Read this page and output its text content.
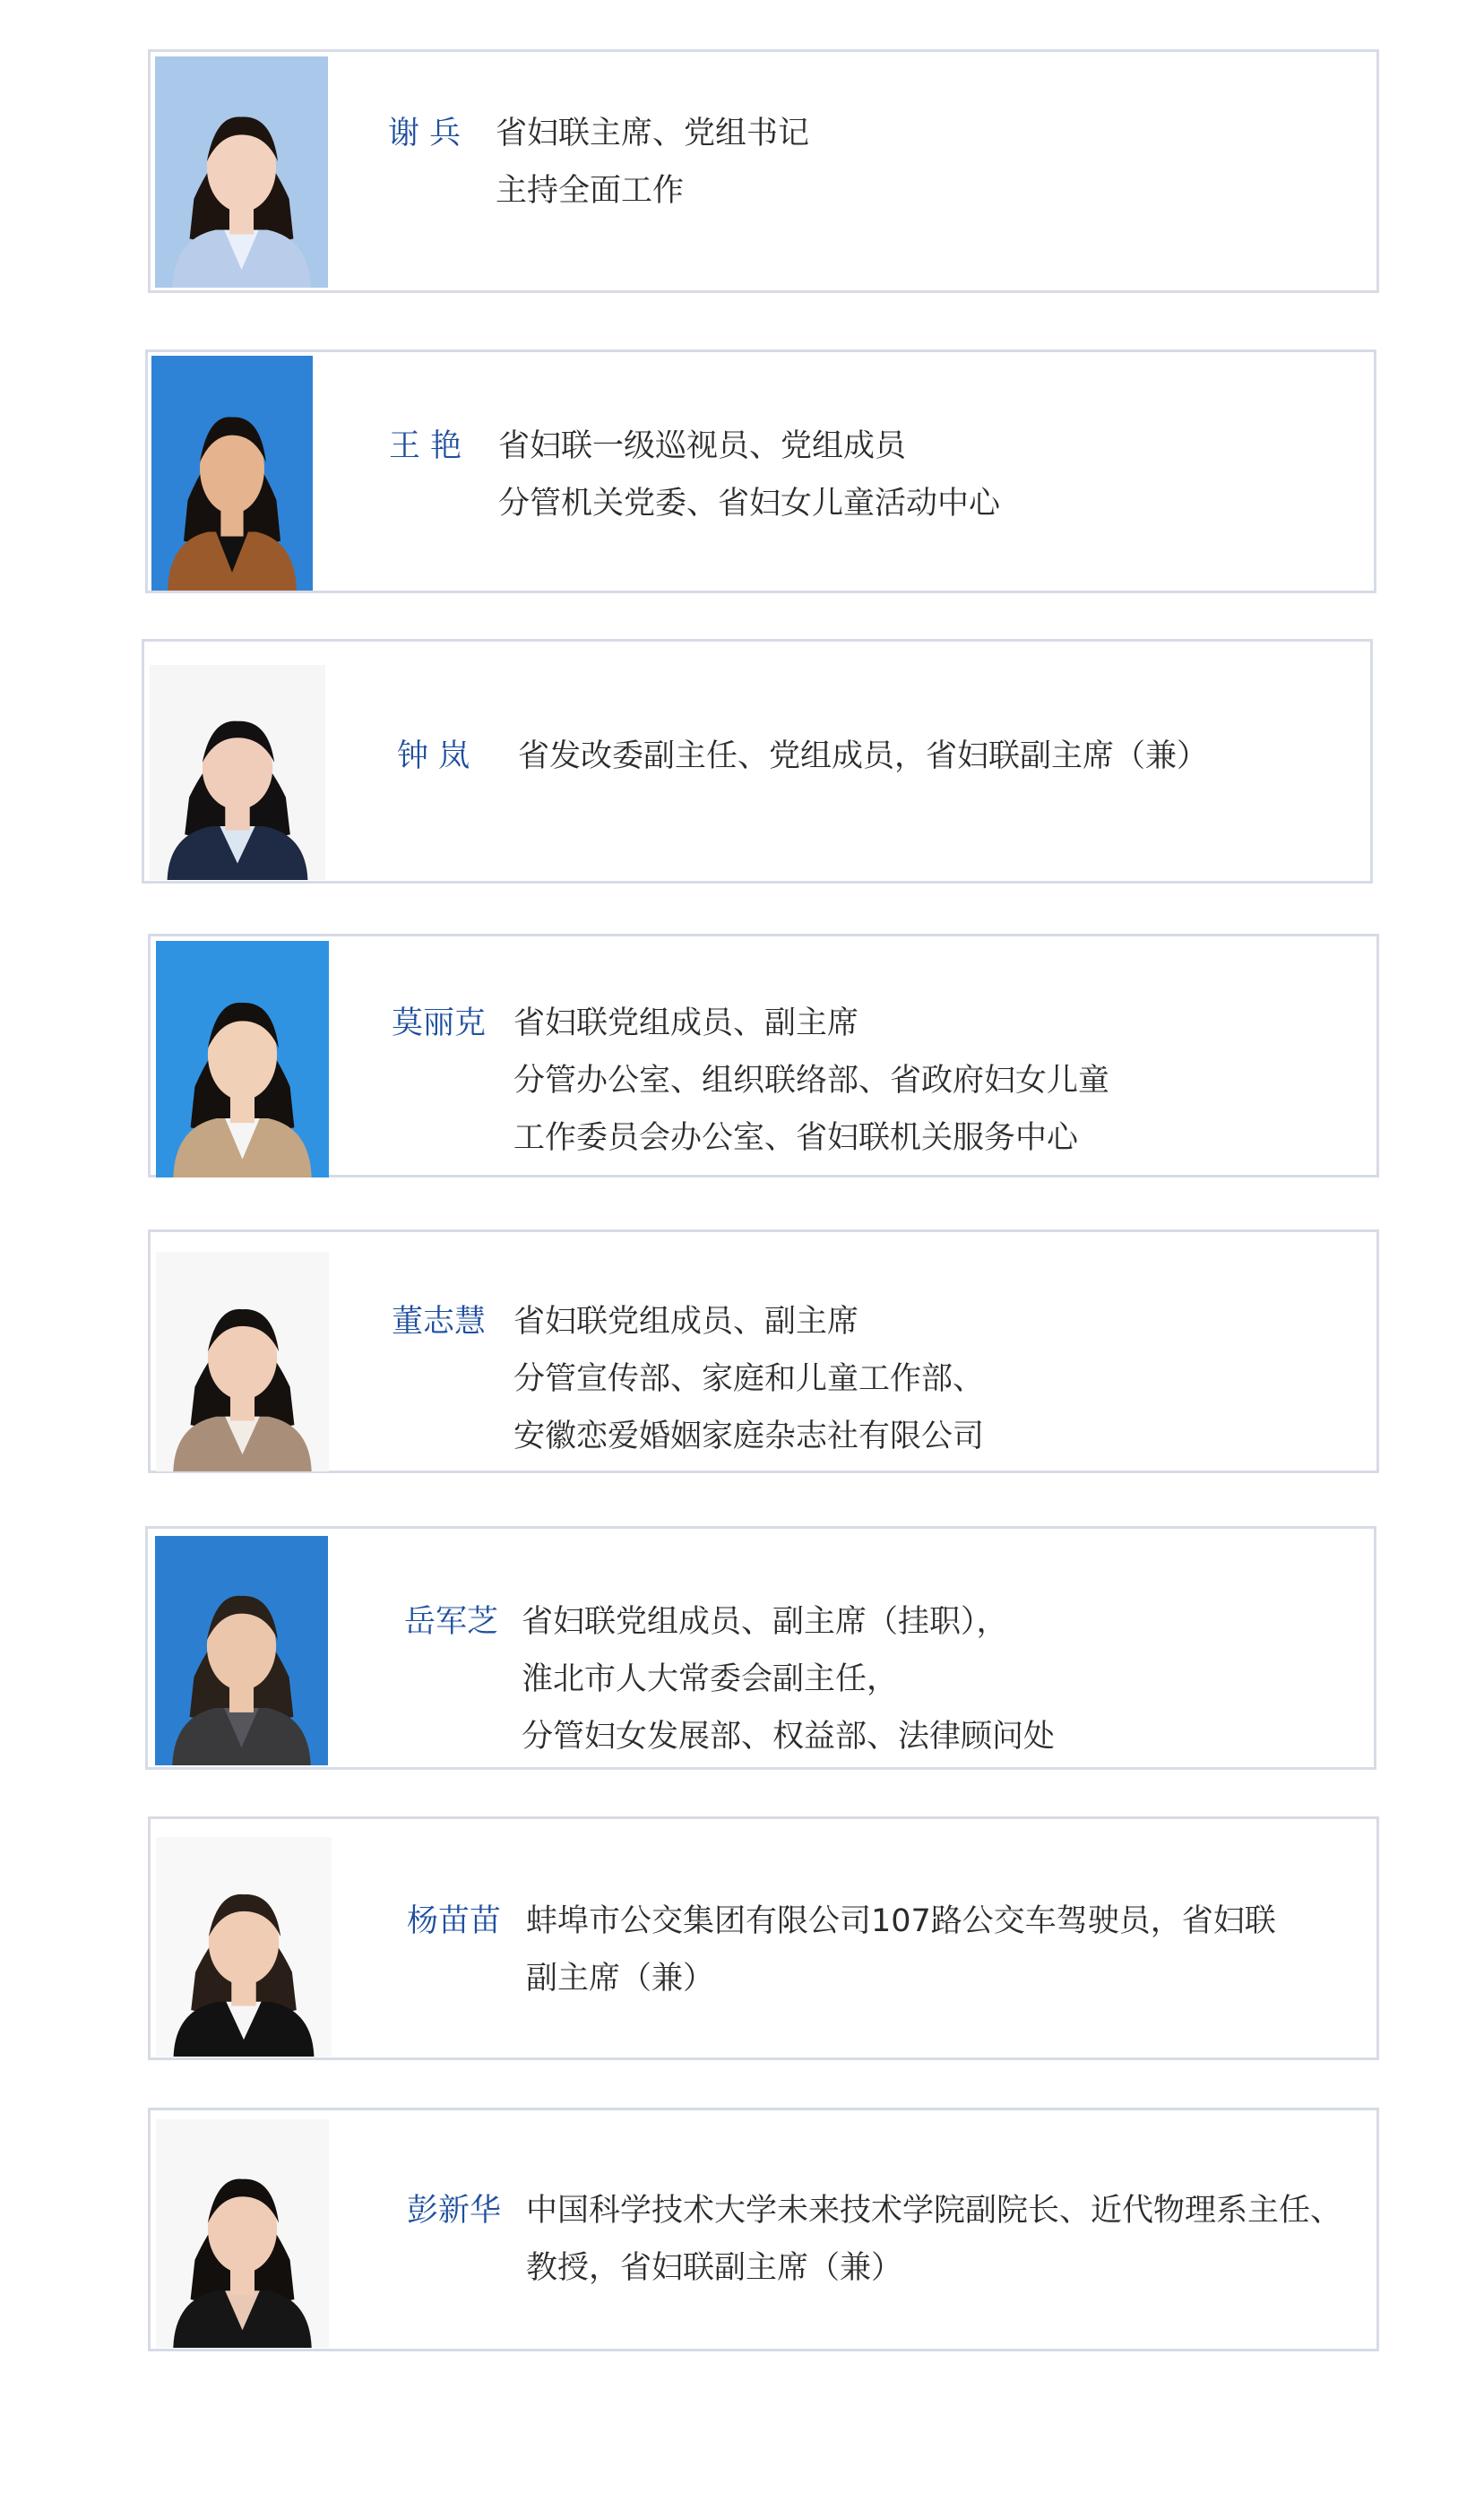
谢 兵 省妇联主席、党组书记
主持全面工作
王 艳 省妇联一级巡视员、党组成员
分管机关党委、省妇女儿童活动中心
钟 岚 省发改委副主任、党组成员，省妇联副主席（兼）
莫丽克 省妇联党组成员、副主席
分管办公室、组织联络部、省政府妇女儿童
工作委员会办公室、省妇联机关服务中心
董志慧 省妇联党组成员、副主席
分管宣传部、家庭和儿童工作部、
安徽恋爱婚姻家庭杂志社有限公司
岳军芝 省妇联党组成员、副主席（挂职），
淮北市人大常委会副主任，
分管妇女发展部、权益部、法律顾问处
杨苗苗 蚌埠市公交集团有限公司107路公交车驾驶员，省妇联
副主席（兼）
彭新华 中国科学技术大学未来技术学院副院长、近代物理系主任、
教授，省妇联副主席（兼）
